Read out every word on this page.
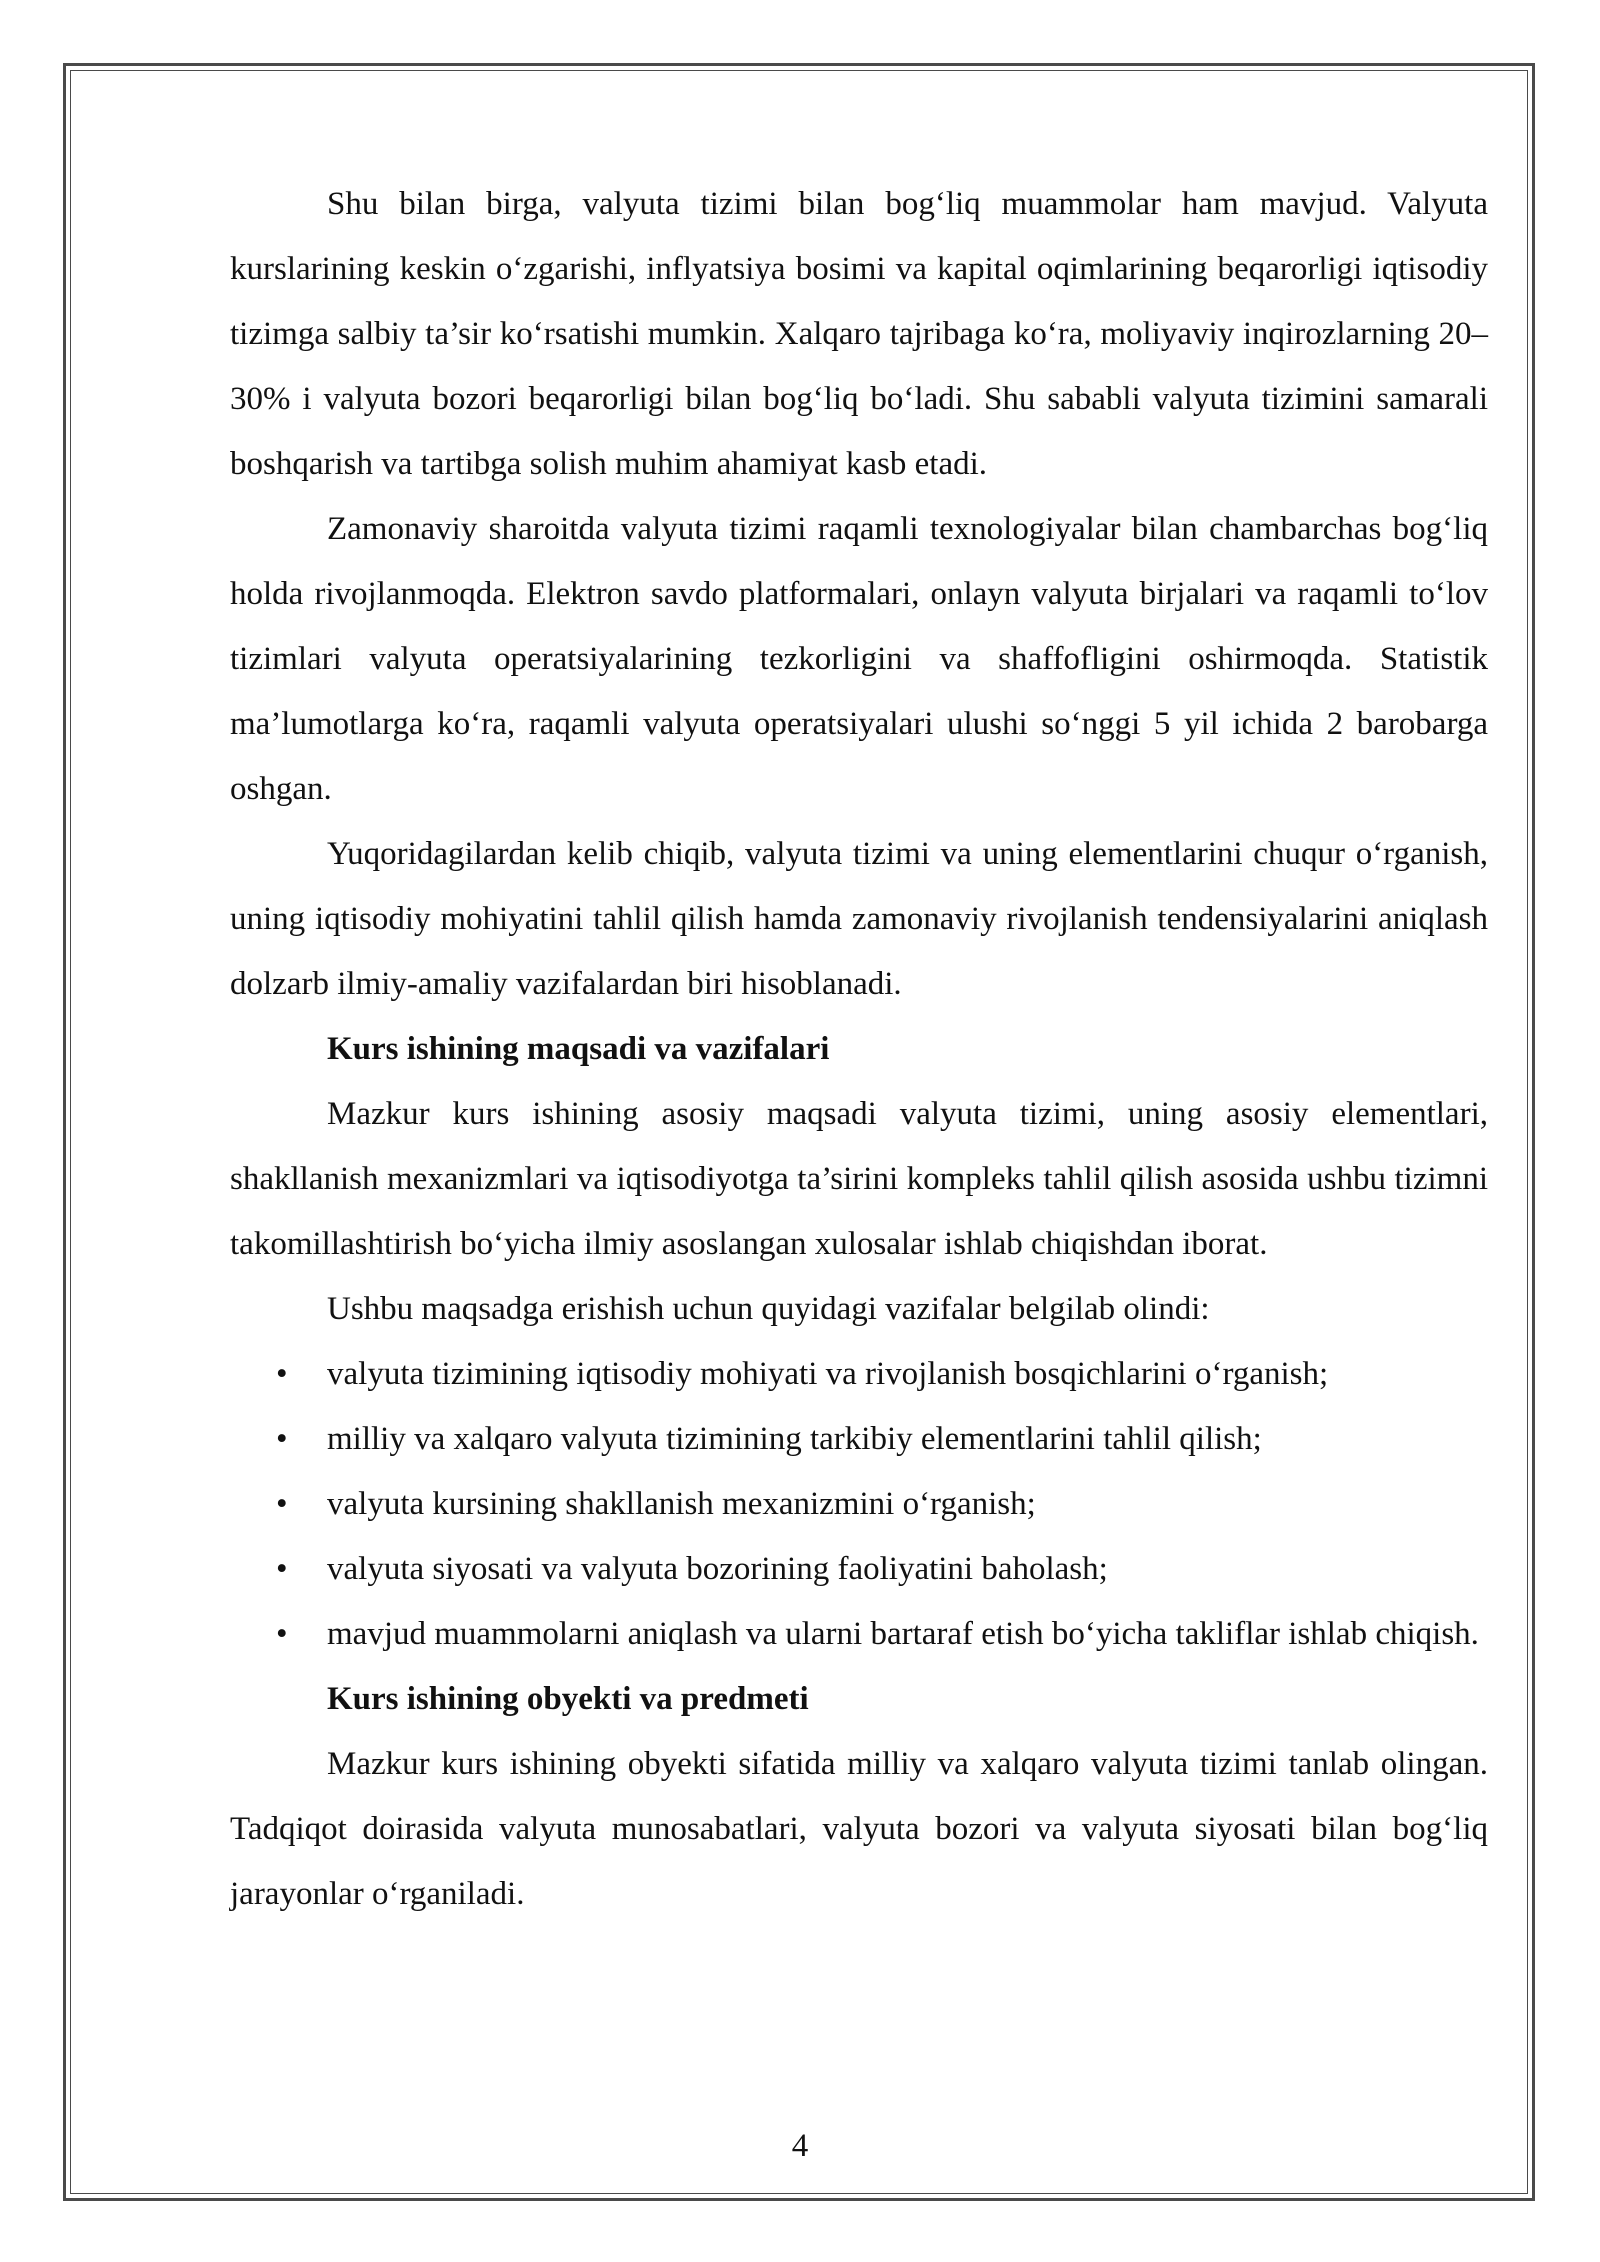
Shu bilan birga, valyuta tizimi bilan bog‘liq muammolar ham mavjud. Valyuta kurslarining keskin o‘zgarishi, inflyatsiya bosimi va kapital oqimlarining beqarorligi iqtisodiy tizimga salbiy ta’sir ko‘rsatishi mumkin. Xalqaro tajribaga ko‘ra, moliyaviy inqirozlarning 20–30% i valyuta bozori beqarorligi bilan bog‘liq bo‘ladi. Shu sababli valyuta tizimini samarali boshqarish va tartibga solish muhim ahamiyat kasb etadi.

Zamonaviy sharoitda valyuta tizimi raqamli texnologiyalar bilan chambarchas bog‘liq holda rivojlanmoqda. Elektron savdo platformalari, onlayn valyuta birjalari va raqamli to‘lov tizimlari valyuta operatsiyalarining tezkorligini va shaffofligini oshirmoqda. Statistik ma’lumotlarga ko‘ra, raqamli valyuta operatsiyalari ulushi so‘nggi 5 yil ichida 2 barobarga oshgan.

Yuqoridagilardan kelib chiqib, valyuta tizimi va uning elementlarini chuqur o‘rganish, uning iqtisodiy mohiyatini tahlil qilish hamda zamonaviy rivojlanish tendensiyalarini aniqlash dolzarb ilmiy-amaliy vazifalardan biri hisoblanadi.

Kurs ishining maqsadi va vazifalari

Mazkur kurs ishining asosiy maqsadi valyuta tizimi, uning asosiy elementlari, shakllanish mexanizmlari va iqtisodiyotga ta’sirini kompleks tahlil qilish asosida ushbu tizimni takomillashtirish bo‘yicha ilmiy asoslangan xulosalar ishlab chiqishdan iborat.

Ushbu maqsadga erishish uchun quyidagi vazifalar belgilab olindi:

• valyuta tizimining iqtisodiy mohiyati va rivojlanish bosqichlarini o‘rganish;
• milliy va xalqaro valyuta tizimining tarkibiy elementlarini tahlil qilish;
• valyuta kursining shakllanish mexanizmini o‘rganish;
• valyuta siyosati va valyuta bozorining faoliyatini baholash;
• mavjud muammolarni aniqlash va ularni bartaraf etish bo‘yicha takliflar ishlab chiqish.

Kurs ishining obyekti va predmeti

Mazkur kurs ishining obyekti sifatida milliy va xalqaro valyuta tizimi tanlab olingan. Tadqiqot doirasida valyuta munosabatlari, valyuta bozori va valyuta siyosati bilan bog‘liq jarayonlar o‘rganiladi.

4
